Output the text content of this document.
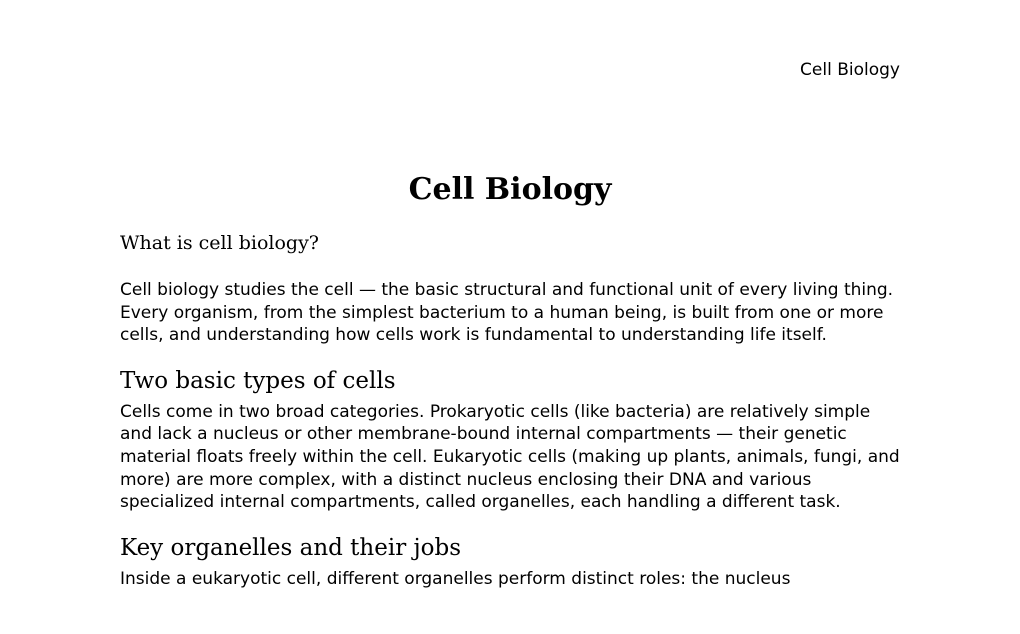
Cell Biology
Cell Biology

What is cell biology?

Cell biology studies the cell — the basic structural and functional unit of every living thing. Every organism, from the simplest bacterium to a human being, is built from one or more cells, and understanding how cells work is fundamental to understanding life itself.

Two basic types of cells

Cells come in two broad categories. Prokaryotic cells (like bacteria) are relatively simple and lack a nucleus or other membrane-bound internal compartments — their genetic material floats freely within the cell. Eukaryotic cells (making up plants, animals, fungi, and more) are more complex, with a distinct nucleus enclosing their DNA and various specialized internal compartments, called organelles, each handling a different task.

Key organelles and their jobs

Inside a eukaryotic cell, different organelles perform distinct roles: the nucleus
